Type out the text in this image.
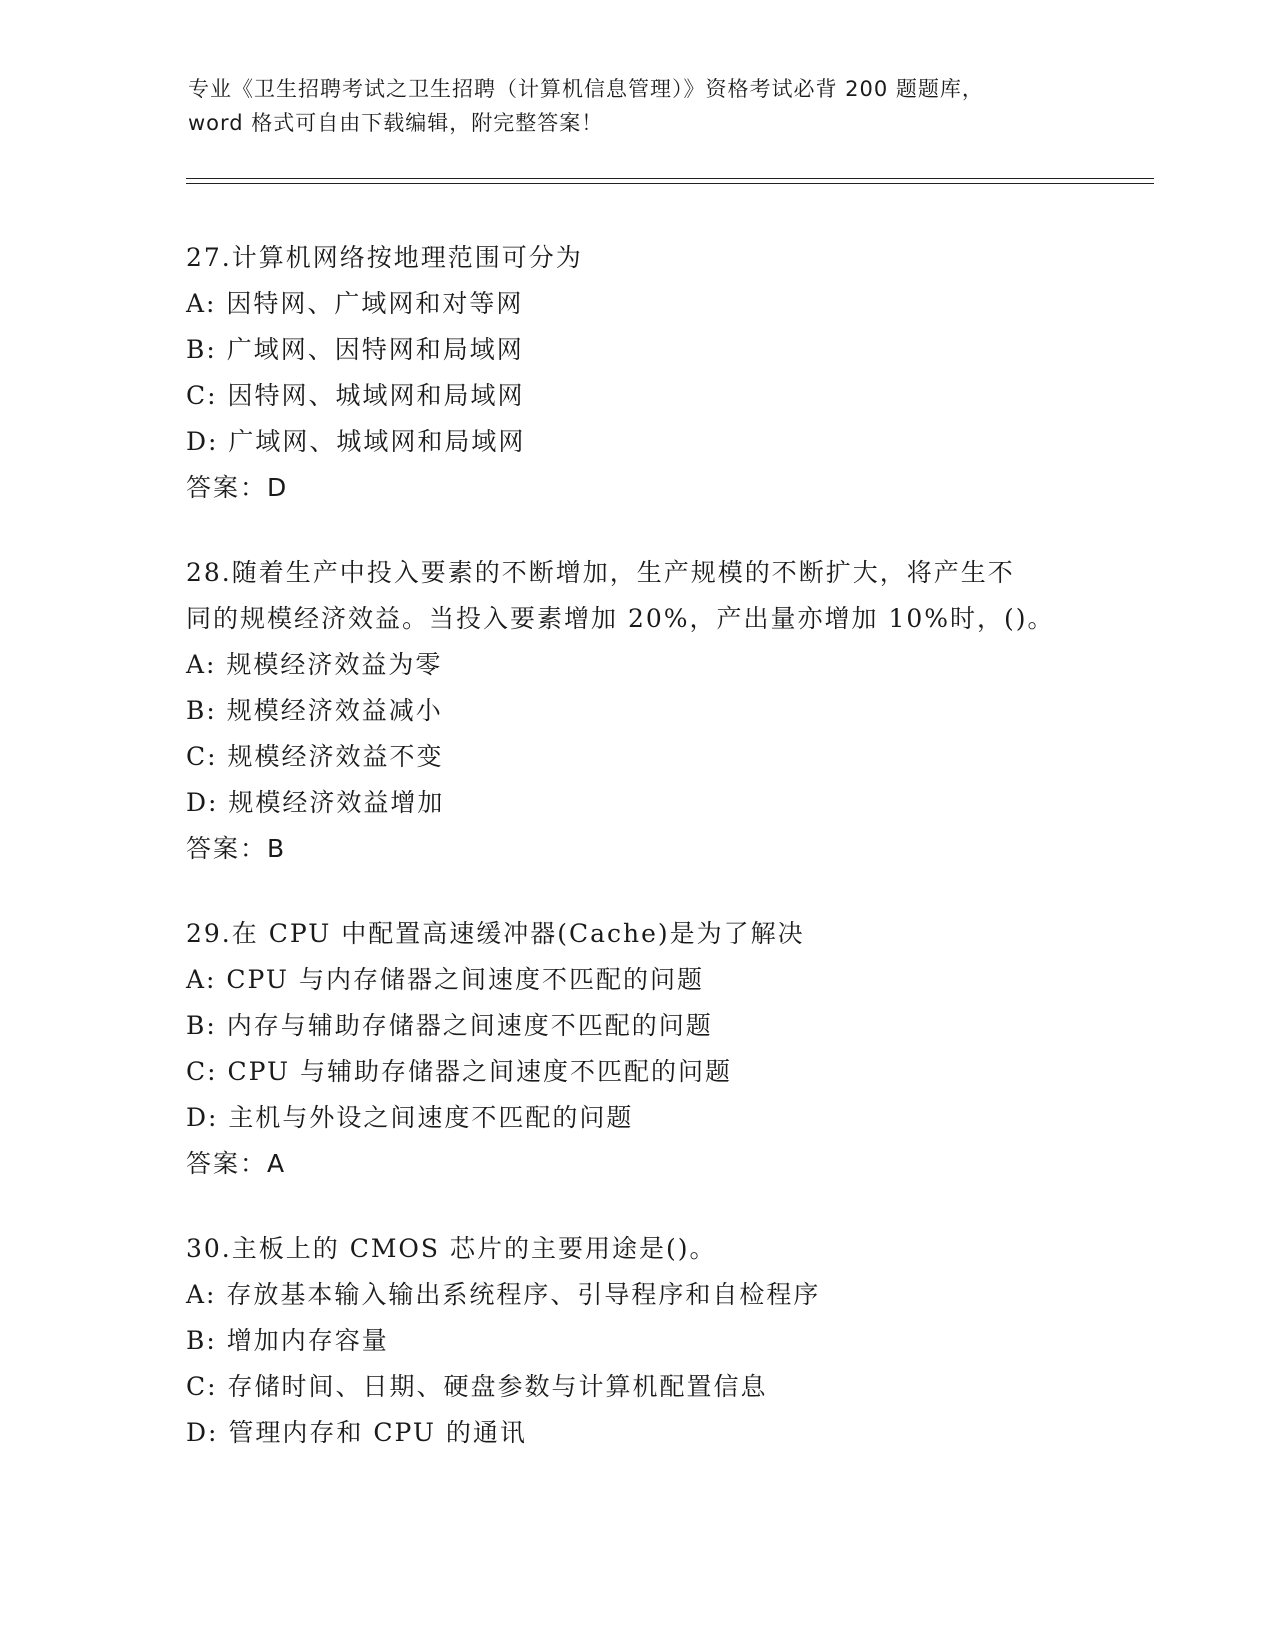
专业《卫生招聘考试之卫生招聘（计算机信息管理）》资格考试必背 200 题题库，
word 格式可自由下载编辑，附完整答案！
27.计算机网络按地理范围可分为
A: 因特网、广域网和对等网
B: 广域网、因特网和局域网
C: 因特网、城域网和局域网
D: 广域网、城域网和局域网
答案：D
28.随着生产中投入要素的不断增加，生产规模的不断扩大，将产生不
同的规模经济效益。当投入要素增加 20%，产出量亦增加 10%时，()。
A: 规模经济效益为零
B: 规模经济效益减小
C: 规模经济效益不变
D: 规模经济效益增加
答案：B
29.在 CPU 中配置高速缓冲器(Cache)是为了解决
A: CPU 与内存储器之间速度不匹配的问题
B: 内存与辅助存储器之间速度不匹配的问题
C: CPU 与辅助存储器之间速度不匹配的问题
D: 主机与外设之间速度不匹配的问题
答案：A
30.主板上的 CMOS 芯片的主要用途是()。
A: 存放基本输入输出系统程序、引导程序和自检程序
B: 增加内存容量
C: 存储时间、日期、硬盘参数与计算机配置信息
D: 管理内存和 CPU 的通讯
